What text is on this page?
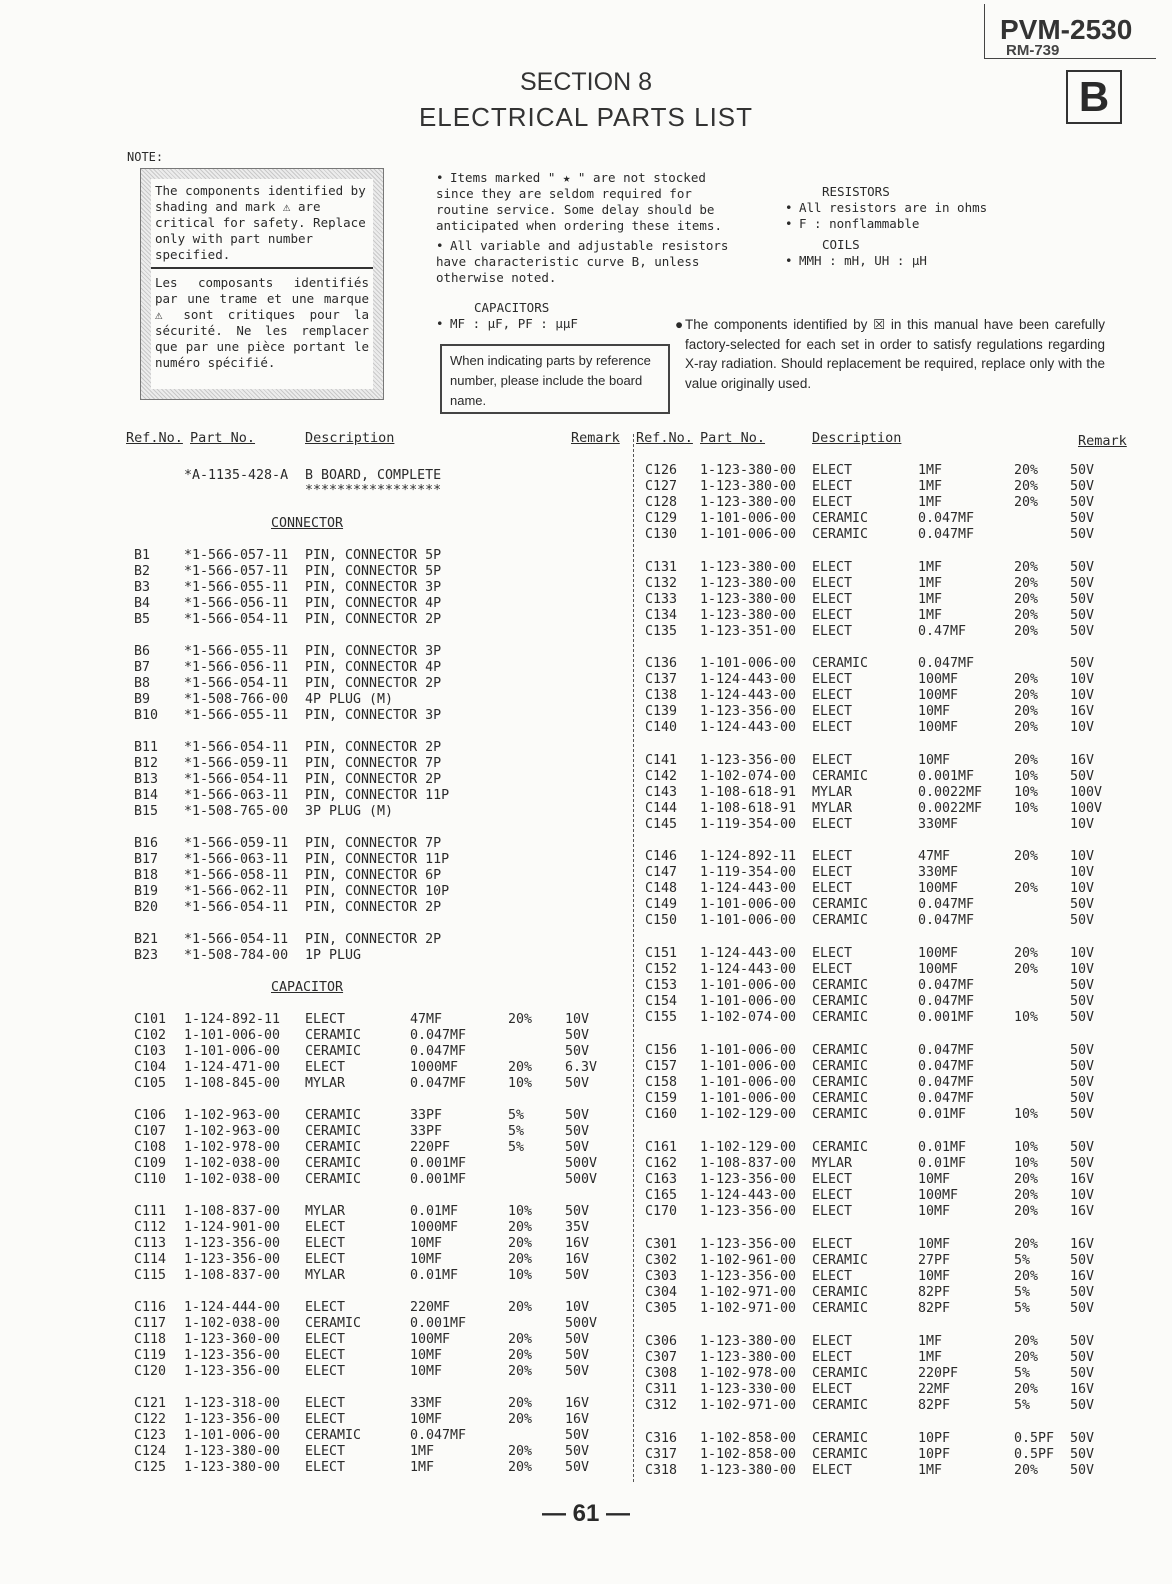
PVM-2530
RM-739
B
SECTION 8
ELECTRICAL PARTS LIST
NOTE:
The components identified by shading and mark ⚠ are critical for safety. Replace only with part number specified.
Les composants identifiés par une trame et une marque ⚠ sont critiques pour la sécurité. Ne les remplacer que par une pièce portant le numéro spécifié.
• Items marked " ★ " are not stocked since they are seldom required for routine service. Some delay should be anticipated when ordering these items.
• All variable and adjustable resistors have characteristic curve B, unless otherwise noted.
CAPACITORS
• MF : μF, PF : μμF
RESISTORS
• All resistors are in ohms
• F : nonflammable
COILS
• MMH : mH, UH : μH
When indicating parts by reference number, please include the board name.
● The components identified by ☒ in this manual have been carefully factory-selected for each set in order to satisfy regulations regarding X-ray radiation. Should replacement be required, replace only with the value originally used.
Ref.No. Part No.	Description	Remark Ref.No. Part No.	Description	Remark
*A-1135-428-A B BOARD, COMPLETE
*****************
CONNECTOR
B1	*1-566-057-11 PIN, CONNECTOR 5P
B2	*1-566-057-11 PIN, CONNECTOR 5P
B3	*1-566-055-11 PIN, CONNECTOR 3P
B4	*1-566-056-11 PIN, CONNECTOR 4P
B5	*1-566-054-11 PIN, CONNECTOR 2P
B6	*1-566-055-11 PIN, CONNECTOR 3P
B7	*1-566-056-11 PIN, CONNECTOR 4P
B8	*1-566-054-11 PIN, CONNECTOR 2P
B9	*1-508-766-00 4P PLUG (M)
B10 *1-566-055-11 PIN, CONNECTOR 3P
B11 *1-566-054-11 PIN, CONNECTOR 2P
B12 *1-566-059-11 PIN, CONNECTOR 7P
B13 *1-566-054-11 PIN, CONNECTOR 2P
B14 *1-566-063-11 PIN, CONNECTOR 11P
B15 *1-508-765-00 3P PLUG (M)
B16 *1-566-059-11 PIN, CONNECTOR 7P
B17 *1-566-063-11 PIN, CONNECTOR 11P
B18 *1-566-058-11 PIN, CONNECTOR 6P
B19 *1-566-062-11 PIN, CONNECTOR 10P
B20 *1-566-054-11 PIN, CONNECTOR 2P
B21 *1-566-054-11 PIN, CONNECTOR 2P
B23 *1-508-784-00 1P PLUG
CAPACITOR
C101 1-124-892-11 ELECT	47MF	20% 10V
C102 1-101-006-00 CERAMIC	0.047MF	50V
C103 1-101-006-00 CERAMIC	0.047MF	50V
C104 1-124-471-00 ELECT	1000MF	20% 6.3V
C105 1-108-845-00 MYLAR	0.047MF	10% 50V
C106 1-102-963-00 CERAMIC	33PF	5%	50V
C107 1-102-963-00 CERAMIC	33PF	5%	50V
C108 1-102-978-00 CERAMIC	220PF	5%	50V
C109 1-102-038-00 CERAMIC	0.001MF	500V
C110 1-102-038-00 CERAMIC	0.001MF	500V
C111 1-108-837-00 MYLAR	0.01MF	10% 50V
C112 1-124-901-00 ELECT	1000MF	20% 35V
C113 1-123-356-00 ELECT	10MF	20% 16V
C114 1-123-356-00 ELECT	10MF	20% 16V
C115 1-108-837-00 MYLAR	0.01MF	10% 50V
C116 1-124-444-00 ELECT	220MF	20% 10V
C117 1-102-038-00 CERAMIC	0.001MF	500V
C118 1-123-360-00 ELECT	100MF	20% 50V
C119 1-123-356-00 ELECT	10MF	20% 50V
C120 1-123-356-00 ELECT	10MF	20% 50V
C121 1-123-318-00 ELECT	33MF	20% 16V
C122 1-123-356-00 ELECT	10MF	20% 16V
C123 1-101-006-00 CERAMIC	0.047MF	50V
C124 1-123-380-00 ELECT	1MF	20% 50V
C125 1-123-380-00 ELECT	1MF	20% 50V
C126 1-123-380-00 ELECT	1MF	20% 50V
C127 1-123-380-00 ELECT	1MF	20% 50V
C128 1-123-380-00 ELECT	1MF	20% 50V
C129 1-101-006-00 CERAMIC	0.047MF	50V
C130 1-101-006-00 CERAMIC	0.047MF	50V
C131 1-123-380-00 ELECT	1MF	20% 50V
C132 1-123-380-00 ELECT	1MF	20% 50V
C133 1-123-380-00 ELECT	1MF	20% 50V
C134 1-123-380-00 ELECT	1MF	20% 50V
C135 1-123-351-00 ELECT	0.47MF	20% 50V
C136 1-101-006-00 CERAMIC	0.047MF	50V
C137 1-124-443-00 ELECT	100MF	20% 10V
C138 1-124-443-00 ELECT	100MF	20% 10V
C139 1-123-356-00 ELECT	10MF	20% 16V
C140 1-124-443-00 ELECT	100MF	20% 10V
C141 1-123-356-00 ELECT	10MF	20% 16V
C142 1-102-074-00 CERAMIC	0.001MF	10% 50V
C143 1-108-618-91 MYLAR	0.0022MF 10% 100V
C144 1-108-618-91 MYLAR	0.0022MF 10% 100V
C145 1-119-354-00 ELECT	330MF	10V
C146 1-124-892-11 ELECT	47MF	20% 10V
C147 1-119-354-00 ELECT	330MF	10V
C148 1-124-443-00 ELECT	100MF	20% 10V
C149 1-101-006-00 CERAMIC	0.047MF	50V
C150 1-101-006-00 CERAMIC	0.047MF	50V
C151 1-124-443-00 ELECT	100MF	20% 10V
C152 1-124-443-00 ELECT	100MF	20% 10V
C153 1-101-006-00 CERAMIC	0.047MF	50V
C154 1-101-006-00 CERAMIC	0.047MF	50V
C155 1-102-074-00 CERAMIC	0.001MF	10% 50V
C156 1-101-006-00 CERAMIC	0.047MF	50V
C157 1-101-006-00 CERAMIC	0.047MF	50V
C158 1-101-006-00 CERAMIC	0.047MF	50V
C159 1-101-006-00 CERAMIC	0.047MF	50V
C160 1-102-129-00 CERAMIC	0.01MF	10% 50V
C161 1-102-129-00 CERAMIC	0.01MF	10% 50V
C162 1-108-837-00 MYLAR	0.01MF	10% 50V
C163 1-123-356-00 ELECT	10MF	20% 16V
C165 1-124-443-00 ELECT	100MF	20% 10V
C170 1-123-356-00 ELECT	10MF	20% 16V
C301 1-123-356-00 ELECT	10MF	20% 16V
C302 1-102-961-00 CERAMIC	27PF	5%	50V
C303 1-123-356-00 ELECT	10MF	20% 16V
C304 1-102-971-00 CERAMIC	82PF	5%	50V
C305 1-102-971-00 CERAMIC	82PF	5%	50V
C306 1-123-380-00 ELECT	1MF	20% 50V
C307 1-123-380-00 ELECT	1MF	20% 50V
C308 1-102-978-00 CERAMIC	220PF	5%	50V
C311 1-123-330-00 ELECT	22MF	20% 16V
C312 1-102-971-00 CERAMIC	82PF	5%	50V
C316 1-102-858-00 CERAMIC	10PF	0.5PF 50V
C317 1-102-858-00 CERAMIC	10PF	0.5PF 50V
C318 1-123-380-00 ELECT	1MF	20% 50V
— 61 —
